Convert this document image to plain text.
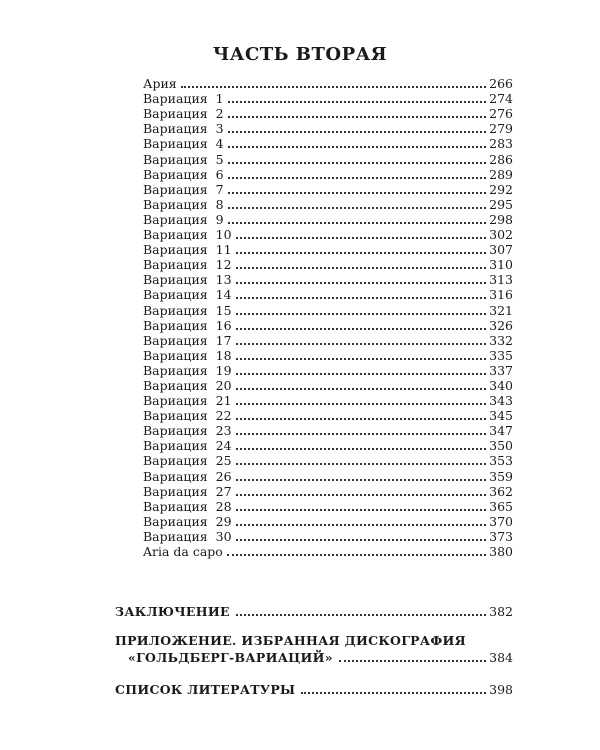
ЧАСТЬ ВТОРАЯ
Ария	266
Вариация  1	274
Вариация  2	276
Вариация  3	279
Вариация  4	283
Вариация  5	286
Вариация  6	289
Вариация  7	292
Вариация  8	295
Вариация  9	298
Вариация  10	302
Вариация  11	307
Вариация  12	310
Вариация  13	313
Вариация  14	316
Вариация  15	321
Вариация  16	326
Вариация  17	332
Вариация  18	335
Вариация  19	337
Вариация  20	340
Вариация  21	343
Вариация  22	345
Вариация  23	347
Вариация  24	350
Вариация  25	353
Вариация  26	359
Вариация  27	362
Вариация  28	365
Вариация  29	370
Вариация  30	373
Aria da capo	380
ЗАКЛЮЧЕНИЕ	382
ПРИЛОЖЕНИЕ. ИЗБРАННАЯ ДИСКОГРАФИЯ
«ГОЛЬДБЕРГ-ВАРИАЦИЙ»	384
СПИСОК ЛИТЕРАТУРЫ	398
